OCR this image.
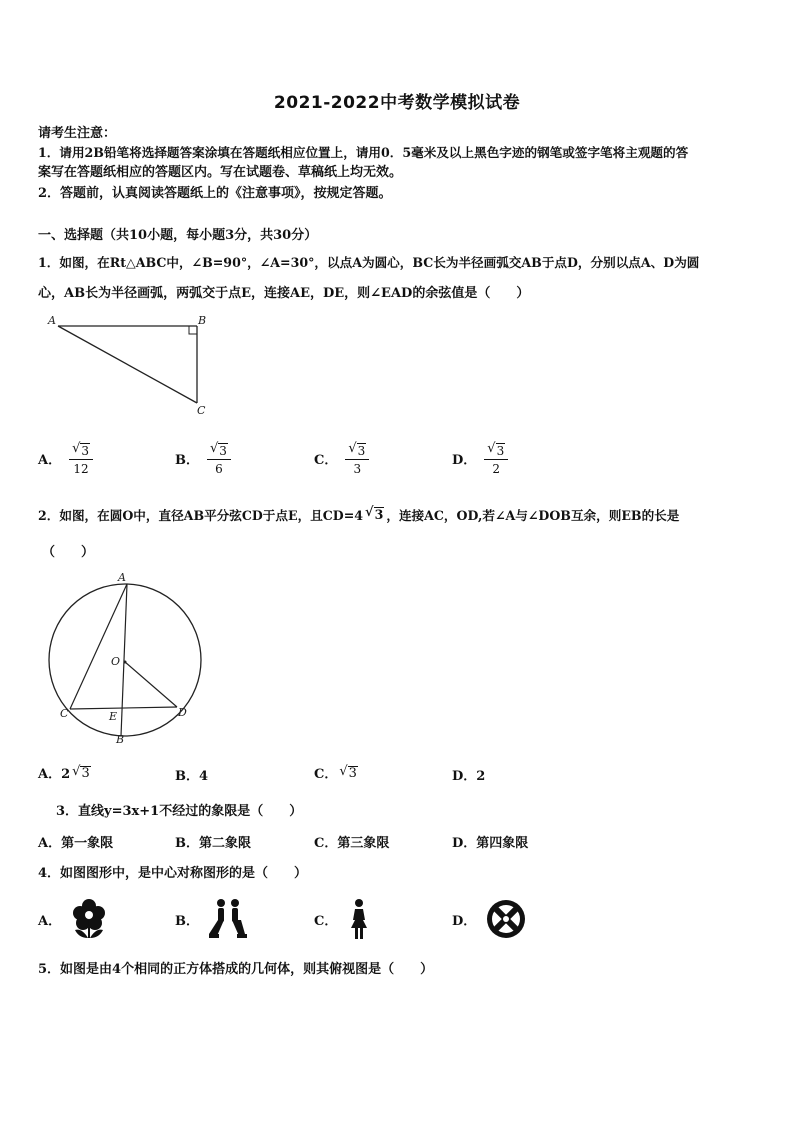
2021-2022中考数学模拟试卷
请考生注意：
1．请用2B铅笔将选择题答案涂填在答题纸相应位置上，请用0．5毫米及以上黑色字迹的钢笔或签字笔将主观题的答
案写在答题纸相应的答题区内。写在试题卷、草稿纸上均无效。
2．答题前，认真阅读答题纸上的《注意事项》，按规定答题。
一、选择题（共10小题，每小题3分，共30分）
1．如图，在Rt△ABC中，∠B=90°，∠A=30°，以点A为圆心，BC长为半径画弧交AB于点D，分别以点A、D为圆
心，AB长为半径画弧，两弧交于点E，连接AE，DE，则∠EAD的余弦值是（　　）
A	B
C
A． $\frac{√ 3}{12}$	B． $\frac{√ 3}{6}$	C． $\frac{√ 3}{3}$	D． $\frac{√ 3}{2}$
2．如图，在圆O中，直径AB平分弦CD于点E，且CD=4 √ 3 ，连接AC，OD,若∠A与∠DOB互余，则EB的长是
（　　）
A
O
C	E	D
B
A．2 √ 3	B．4	C． √ 3	D．2
3．直线y=3x+1不经过的象限是（　　）
A．第一象限	B．第二象限	C．第三象限	D．第四象限
4．如图图形中，是中心对称图形的是（　　）
A．	B．	C．	D．
5．如图是由4个相同的正方体搭成的几何体，则其俯视图是（　　）
